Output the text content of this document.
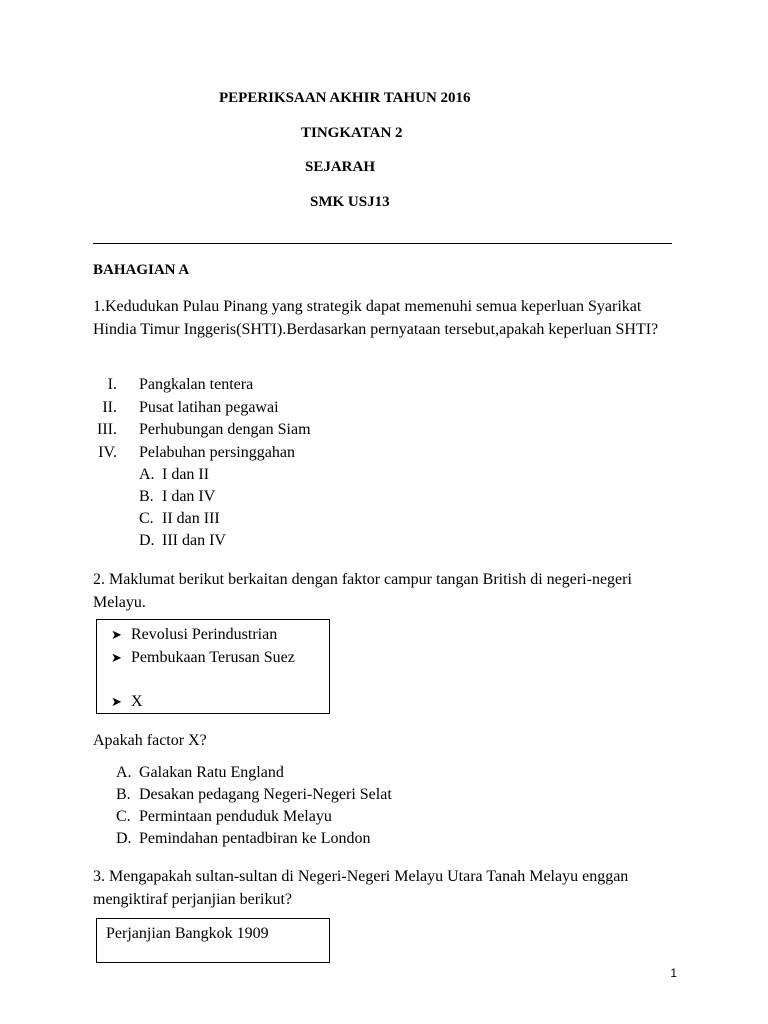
PEPERIKSAAN AKHIR TAHUN 2016
TINGKATAN 2
SEJARAH
SMK USJ13
BAHAGIAN A
1.Kedudukan Pulau Pinang yang strategik dapat memenuhi semua keperluan Syarikat Hindia Timur Inggeris(SHTI).Berdasarkan pernyataan tersebut,apakah keperluan SHTI?
I. Pangkalan tentera
II. Pusat latihan pegawai
III. Perhubungan dengan Siam
IV. Pelabuhan persinggahan
A. I dan II
B. I dan IV
C. II dan III
D. III dan IV
2. Maklumat berikut berkaitan dengan faktor campur tangan British di negeri-negeri Melayu.
➤ Revolusi Perindustrian
➤ Pembukaan Terusan Suez
➤ X
Apakah factor X?
A. Galakan Ratu England
B. Desakan pedagang Negeri-Negeri Selat
C. Permintaan penduduk Melayu
D. Pemindahan pentadbiran ke London
3. Mengapakah sultan-sultan di Negeri-Negeri Melayu Utara Tanah Melayu enggan mengiktiraf perjanjian berikut?
Perjanjian Bangkok 1909
1
